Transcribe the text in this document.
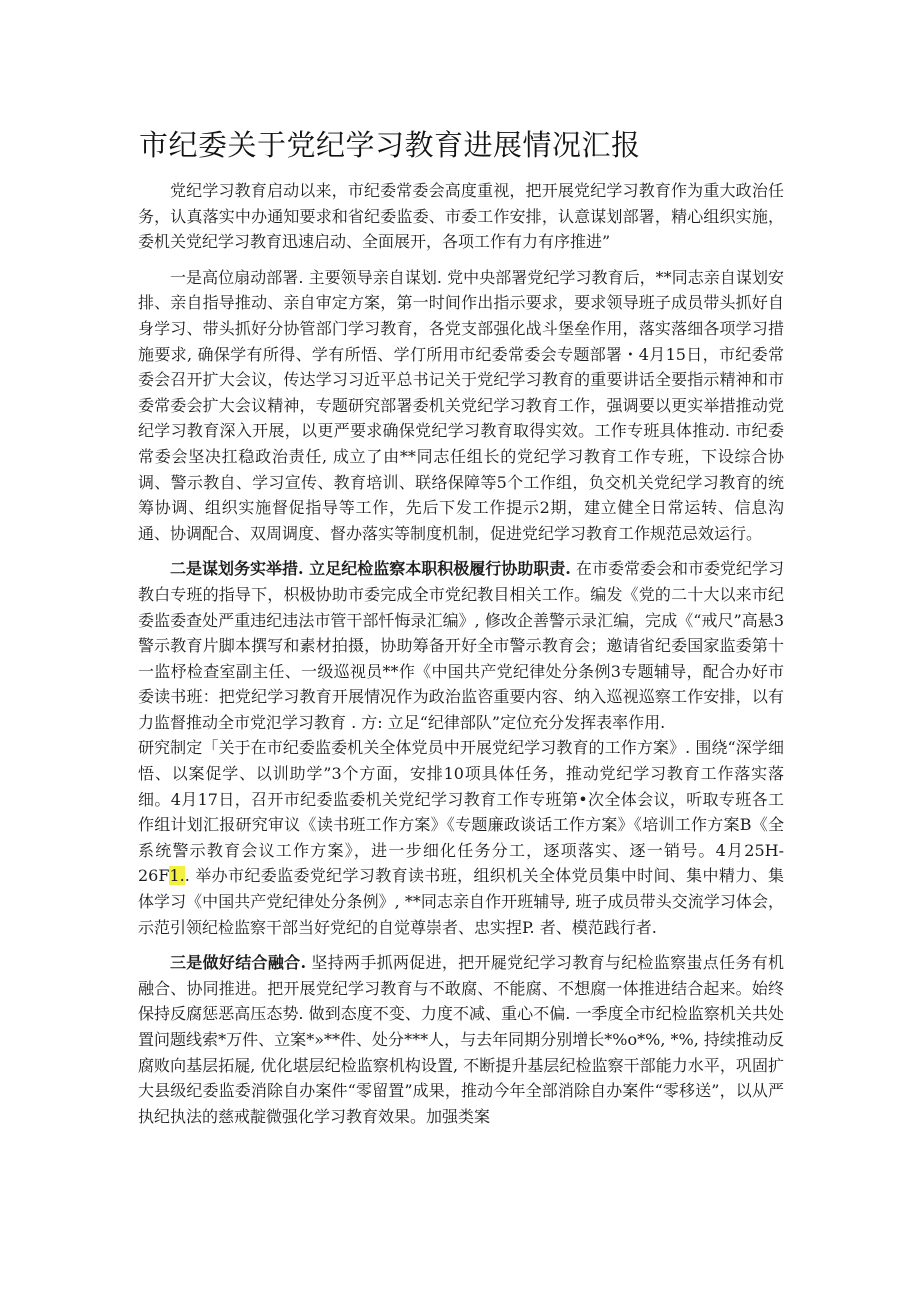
市纪委关于党纪学习教育进展情况汇报

党纪学习教育启动以来，市纪委常委会高度重视，把开展党纪学习教育作为重大政治任务，认真落实中办通知要求和省纪委监委、市委工作安排，认意谋划部署，精心组织实施，委机关党纪学习教育迅速启动、全面展开，各项工作有力有序推进”

一是高位扇动部署. 主要领导亲自谋划. 党中央部署党纪学习教育后，**同志亲自谋划安排、亲自指导推动、亲自审定方案，第一时间作出指示要求，要求领导班子成员带头抓好自身学习、带头抓好分协管部门学习教育，各党支部强化战斗堡垒作用，落实落细各项学习措施要求, 确保学有所得、学有所悟、学仃所用市纪委常委会专题部署・4月15日，市纪委常委会召开扩大会议，传达学习习近平总书记关于党纪学习教育的重要讲话全要指示精神和市委常委会扩大会议精神，专题研究部署委机关党纪学习教育工作，强调要以更实举措推动党纪学习教育深入开展，以更严要求确保党纪学习教育取得实效。工作专班具体推动. 市纪委常委会坚决扛稳政治责任, 成立了由**同志任组长的党纪学习教育工作专班，下设综合协调、警示教自、学习宣传、教育培训、联络保障等5个工作组，负交机关党纪学习教育的统筹协调、组织实施督促指导等工作，先后下发工作提示2期，建立健全日常运转、信息沟通、协调配合、双周调度、督办落实等制度机制，促进党纪学习教育工作规范忌效运行。

二是谋划务实举措. 立足纪检监察本职积极履行协助职责. 在市委常委会和市委党纪学习教白专班的指导下，枳极协助市委完成全市党纪教目相关工作。编发《党的二十大以来市纪委监委查处严重违纪违法市管干部忏悔录汇编》, 修改企善警示录汇编，完成《“戒尺”高悬3警示教育片脚本撰写和素材拍摄，协助筹备开好全市警示教育会；邀请省纪委国家监委第十一监杼检查室副主任、一级巡视员**作《中国共产党纪律处分条例3专题辅导，配合办好市委读书班：把党纪学习教育开展情况作为政治监咨重要内容、纳入巡视巡察工作安排，以有力监督推动全市党氾学习教育 . 方: 立足“纪律部队”定位充分发挥表率作用.

研究制定「关于在市纪委监委机关全体党员中开展党纪学习教育的工作方案》. 围绕“深学细悟、以案促学、以训助学”3个方面，安排10项具体任务，推动党纪学习教育工作落实落细。4月17日，召开市纪委监委机关党纪学习教育工作专班第•次全体会议，听取专班各工作组计划汇报研究审议《读书班工作方案》《专题廉政谈话工作方案》《培训工作方案B《全系统警示教育会议工作方案》，进一步细化任务分工，逐项落实、逐一销号。4月25H-26F1.. 举办市纪委监委党纪学习教育读书班，组织机关全体党员集中时间、集中精力、集体学习《中国共产党纪律处分条例》, **同志亲自作开班辅导, 班子成员带头交流学习体会，示范引领纪检监察干部当好党纪的自觉尊崇者、忠实捏P. 者、模范践行者.

三是做好结合融合. 坚持两手抓两促进，把开屣党纪学习教育与纪检监察蚩点任务有机融合、协同推进。把开展党纪学习教育与不敢腐、不能腐、不想腐一体推进结合起来。始终保持反腐惩恶高压态势. 做到态度不变、力度不减、重心不偏. 一季度全市纪检监察机关共处置问题线索*万件、立案*»**件、处分***人，与去年同期分别增长*%o*%, *%, 持续推动反腐败向基层拓屣, 优化堪层纪检监察机构设置, 不断提升基层纪检监察干部能力水平，巩固扩大县级纪委监委消除自办案件“零留置”成果，推动今年全部消除自办案件“零移送”，以从严执纪执法的慈戒靛微强化学习教育效果。加强类案
